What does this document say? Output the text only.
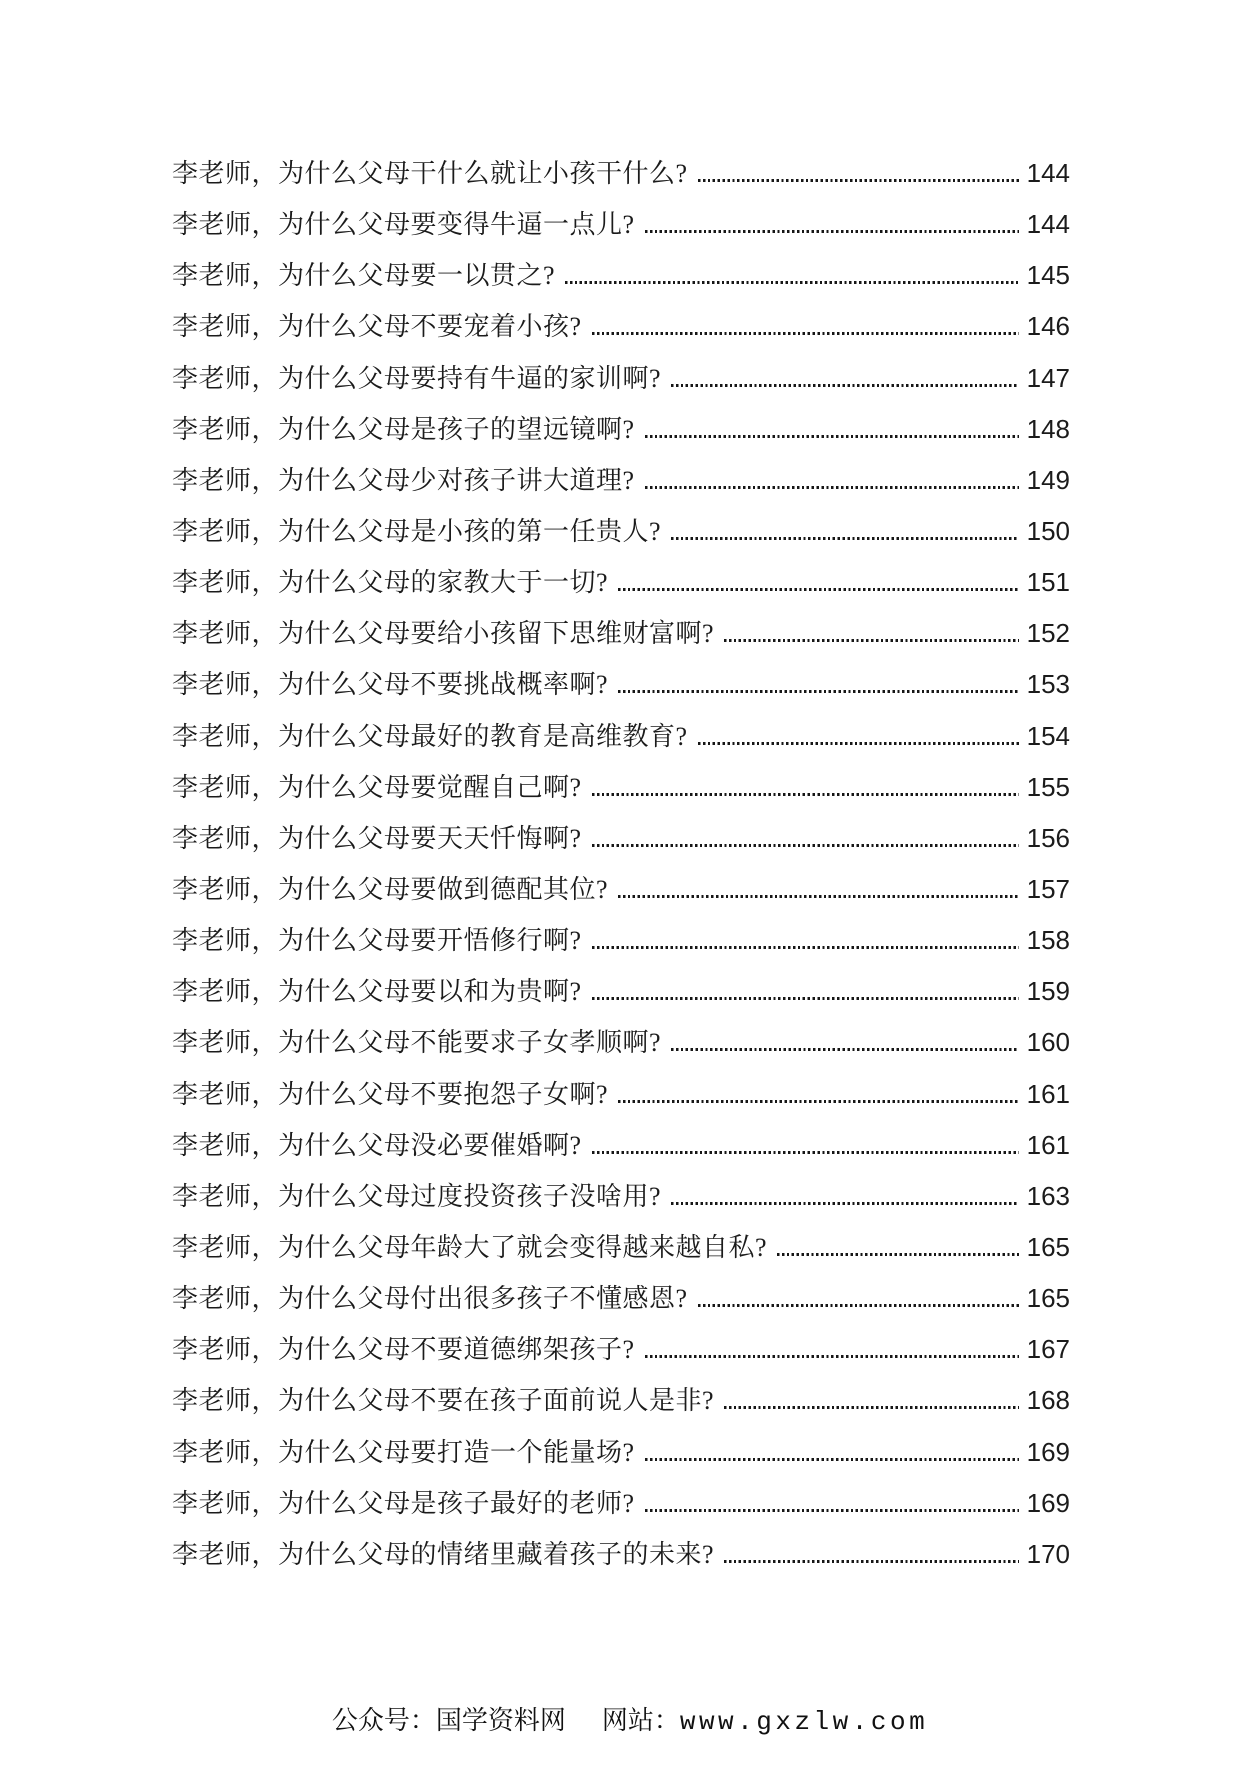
李老师，为什么父母干什么就让小孩干什么?	144
李老师，为什么父母要变得牛逼一点儿?	144
李老师，为什么父母要一以贯之?	145
李老师，为什么父母不要宠着小孩?	146
李老师，为什么父母要持有牛逼的家训啊?	147
李老师，为什么父母是孩子的望远镜啊?	148
李老师，为什么父母少对孩子讲大道理?	149
李老师，为什么父母是小孩的第一任贵人?	150
李老师，为什么父母的家教大于一切?	151
李老师，为什么父母要给小孩留下思维财富啊?	152
李老师，为什么父母不要挑战概率啊?	153
李老师，为什么父母最好的教育是高维教育?	154
李老师，为什么父母要觉醒自己啊?	155
李老师，为什么父母要天天忏悔啊?	156
李老师，为什么父母要做到德配其位?	157
李老师，为什么父母要开悟修行啊?	158
李老师，为什么父母要以和为贵啊?	159
李老师，为什么父母不能要求子女孝顺啊?	160
李老师，为什么父母不要抱怨子女啊?	161
李老师，为什么父母没必要催婚啊?	161
李老师，为什么父母过度投资孩子没啥用?	163
李老师，为什么父母年龄大了就会变得越来越自私?	165
李老师，为什么父母付出很多孩子不懂感恩?	165
李老师，为什么父母不要道德绑架孩子?	167
李老师，为什么父母不要在孩子面前说人是非?	168
李老师，为什么父母要打造一个能量场?	169
李老师，为什么父母是孩子最好的老师?	169
李老师，为什么父母的情绪里藏着孩子的未来?	170
公众号：国学资料网 网站：www.gxzlw.com
